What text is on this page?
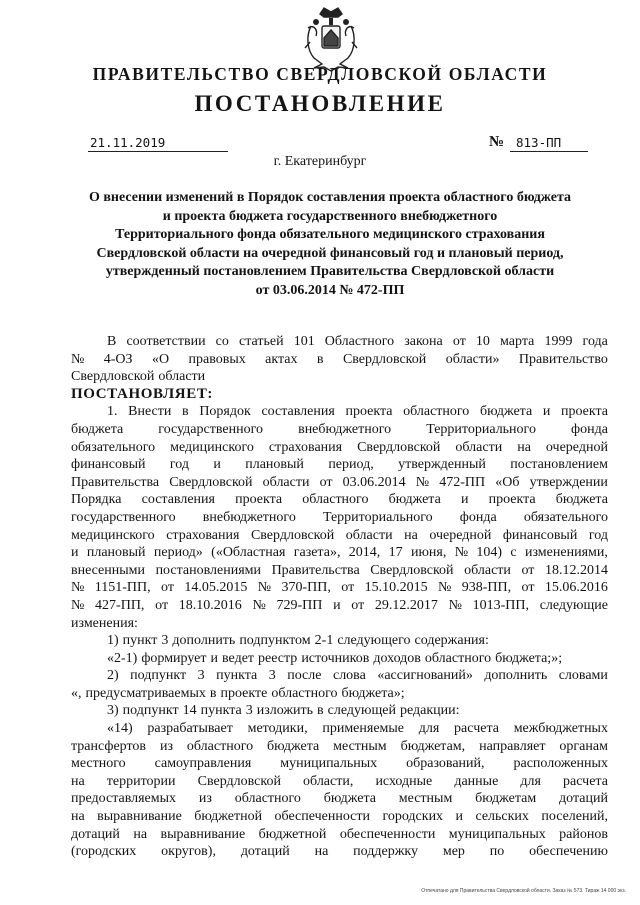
ПРАВИТЕЛЬСТВО СВЕРДЛОВСКОЙ ОБЛАСТИ
ПОСТАНОВЛЕНИЕ
21.11.2019	№ 813-ПП
г. Екатеринбург
О внесении изменений в Порядок составления проекта областного бюджета
и проекта бюджета государственного внебюджетного
Территориального фонда обязательного медицинского страхования
Свердловской области на очередной финансовый год и плановый период,
утвержденный постановлением Правительства Свердловской области
от 03.06.2014 № 472-ПП
В соответствии со статьей 101 Областного закона от 10 марта 1999 года
№ 4-ОЗ «О правовых актах в Свердловской области» Правительство
Свердловской области
ПОСТАНОВЛЯЕТ:
1. Внести в Порядок составления проекта областного бюджета и проекта
бюджета	государственного	внебюджетного	Территориального	фонда
обязательного медицинского страхования Свердловской области на очередной
финансовый год и плановый период, утвержденный постановлением
Правительства Свердловской области от 03.06.2014 № 472-ПП «Об утверждении
Порядка составления проекта областного бюджета и проекта бюджета
государственного внебюджетного Территориального фонда обязательного
медицинского страхования Свердловской области на очередной финансовый год
и плановый период» («Областная газета», 2014, 17 июня, № 104) с изменениями,
внесенными постановлениями Правительства Свердловской области от 18.12.2014
№ 1151-ПП, от 14.05.2015 № 370-ПП, от 15.10.2015 № 938-ПП, от 15.06.2016
№ 427-ПП, от 18.10.2016 № 729-ПП и от 29.12.2017 № 1013-ПП, следующие
изменения:
1) пункт 3 дополнить подпунктом 2-1 следующего содержания:
«2-1) формирует и ведет реестр источников доходов областного бюджета;»;
2) подпункт 3 пункта 3 после слова «ассигнований» дополнить словами
«, предусматриваемых в проекте областного бюджета»;
3) подпункт 14 пункта 3 изложить в следующей редакции:
«14) разрабатывает методики, применяемые для расчета межбюджетных
трансфертов из областного бюджета местным бюджетам, направляет органам
местного самоуправления муниципальных образований, расположенных
на территории Свердловской области, исходные данные для расчета
предоставляемых из областного бюджета местным бюджетам дотаций
на выравнивание бюджетной обеспеченности городских и сельских поселений,
дотаций на выравнивание бюджетной обеспеченности муниципальных районов
(городских округов), дотаций на поддержку мер по обеспечению
Отпечатано для Правительства Свердловской области. Заказ № 573. Тираж 14 000 экз.
